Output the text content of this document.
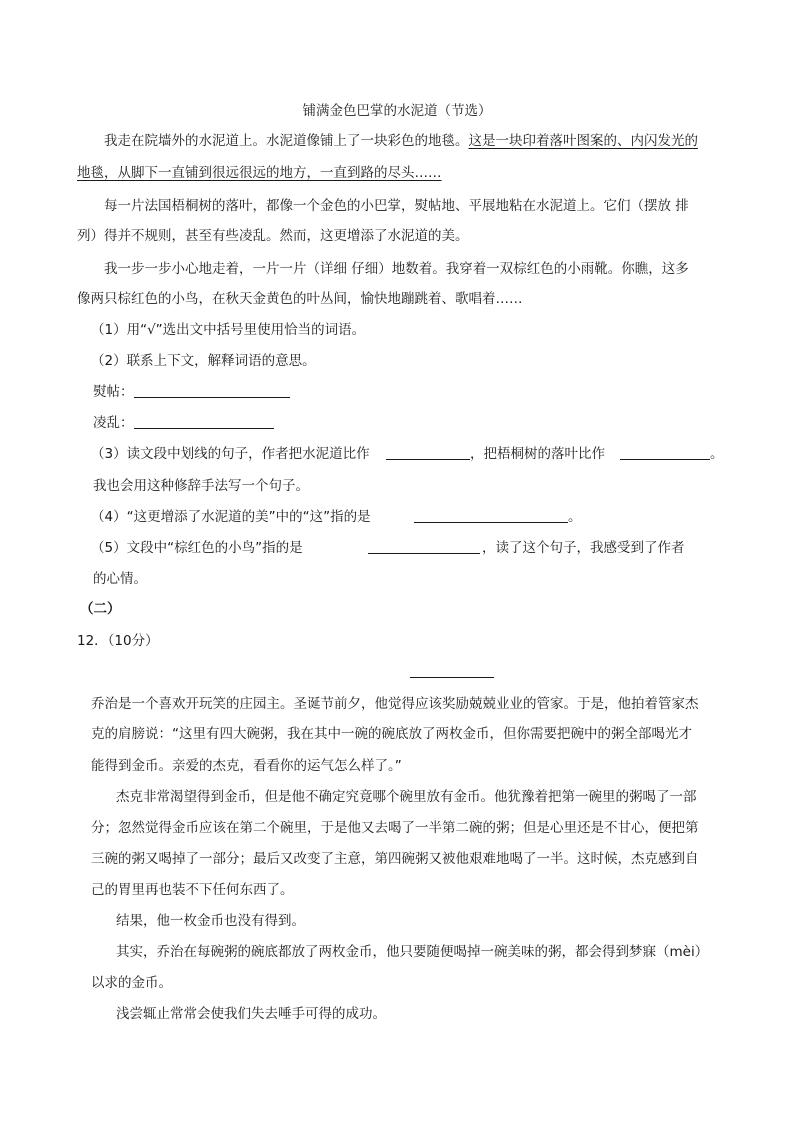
铺满金色巴掌的水泥道（节选）
我走在院墙外的水泥道上。水泥道像铺上了一块彩色的地毯。这是一块印着落叶图案的、内闪发光的
地毯，从脚下一直铺到很远很远的地方，一直到路的尽头……
每一片法国梧桐树的落叶，都像一个金色的小巴掌，熨帖地、平展地粘在水泥道上。它们（摆放 排
列）得并不规则，甚至有些凌乱。然而，这更增添了水泥道的美。
我一步一步小心地走着，一片一片（详细 仔细）地数着。我穿着一双棕红色的小雨靴。你瞧，这多
像两只棕红色的小鸟，在秋天金黄色的叶丛间，愉快地蹦跳着、歌唱着……
（1）用“√”选出文中括号里使用恰当的词语。
（2）联系上下文，解释词语的意思。
熨帖：
凌乱：
（3）读文段中划线的句子，作者把水泥道比作	，把梧桐树的落叶比作	。
我也会用这种修辞手法写一个句子。
（4）“这更增添了水泥道的美”中的“这”指的是	。
（5）文段中“棕红色的小鸟”指的是	，读了这个句子，我感受到了作者
的心情。
（二）
12．（10分）
乔治是一个喜欢开玩笑的庄园主。圣诞节前夕，他觉得应该奖励兢兢业业的管家。于是，他拍着管家杰
克的肩膀说：“这里有四大碗粥，我在其中一碗的碗底放了两枚金币，但你需要把碗中的粥全部喝光才
能得到金币。亲爱的杰克，看看你的运气怎么样了。”
杰克非常渴望得到金币，但是他不确定究竟哪个碗里放有金币。他犹豫着把第一碗里的粥喝了一部
分；忽然觉得金币应该在第二个碗里，于是他又去喝了一半第二碗的粥；但是心里还是不甘心，便把第
三碗的粥又喝掉了一部分；最后又改变了主意，第四碗粥又被他艰难地喝了一半。这时候，杰克感到自
己的胃里再也装不下任何东西了。
结果，他一枚金币也没有得到。
其实，乔治在每碗粥的碗底都放了两枚金币，他只要随便喝掉一碗美味的粥，都会得到梦寐（mèi）
以求的金币。
浅尝辄止常常会使我们失去唾手可得的成功。
